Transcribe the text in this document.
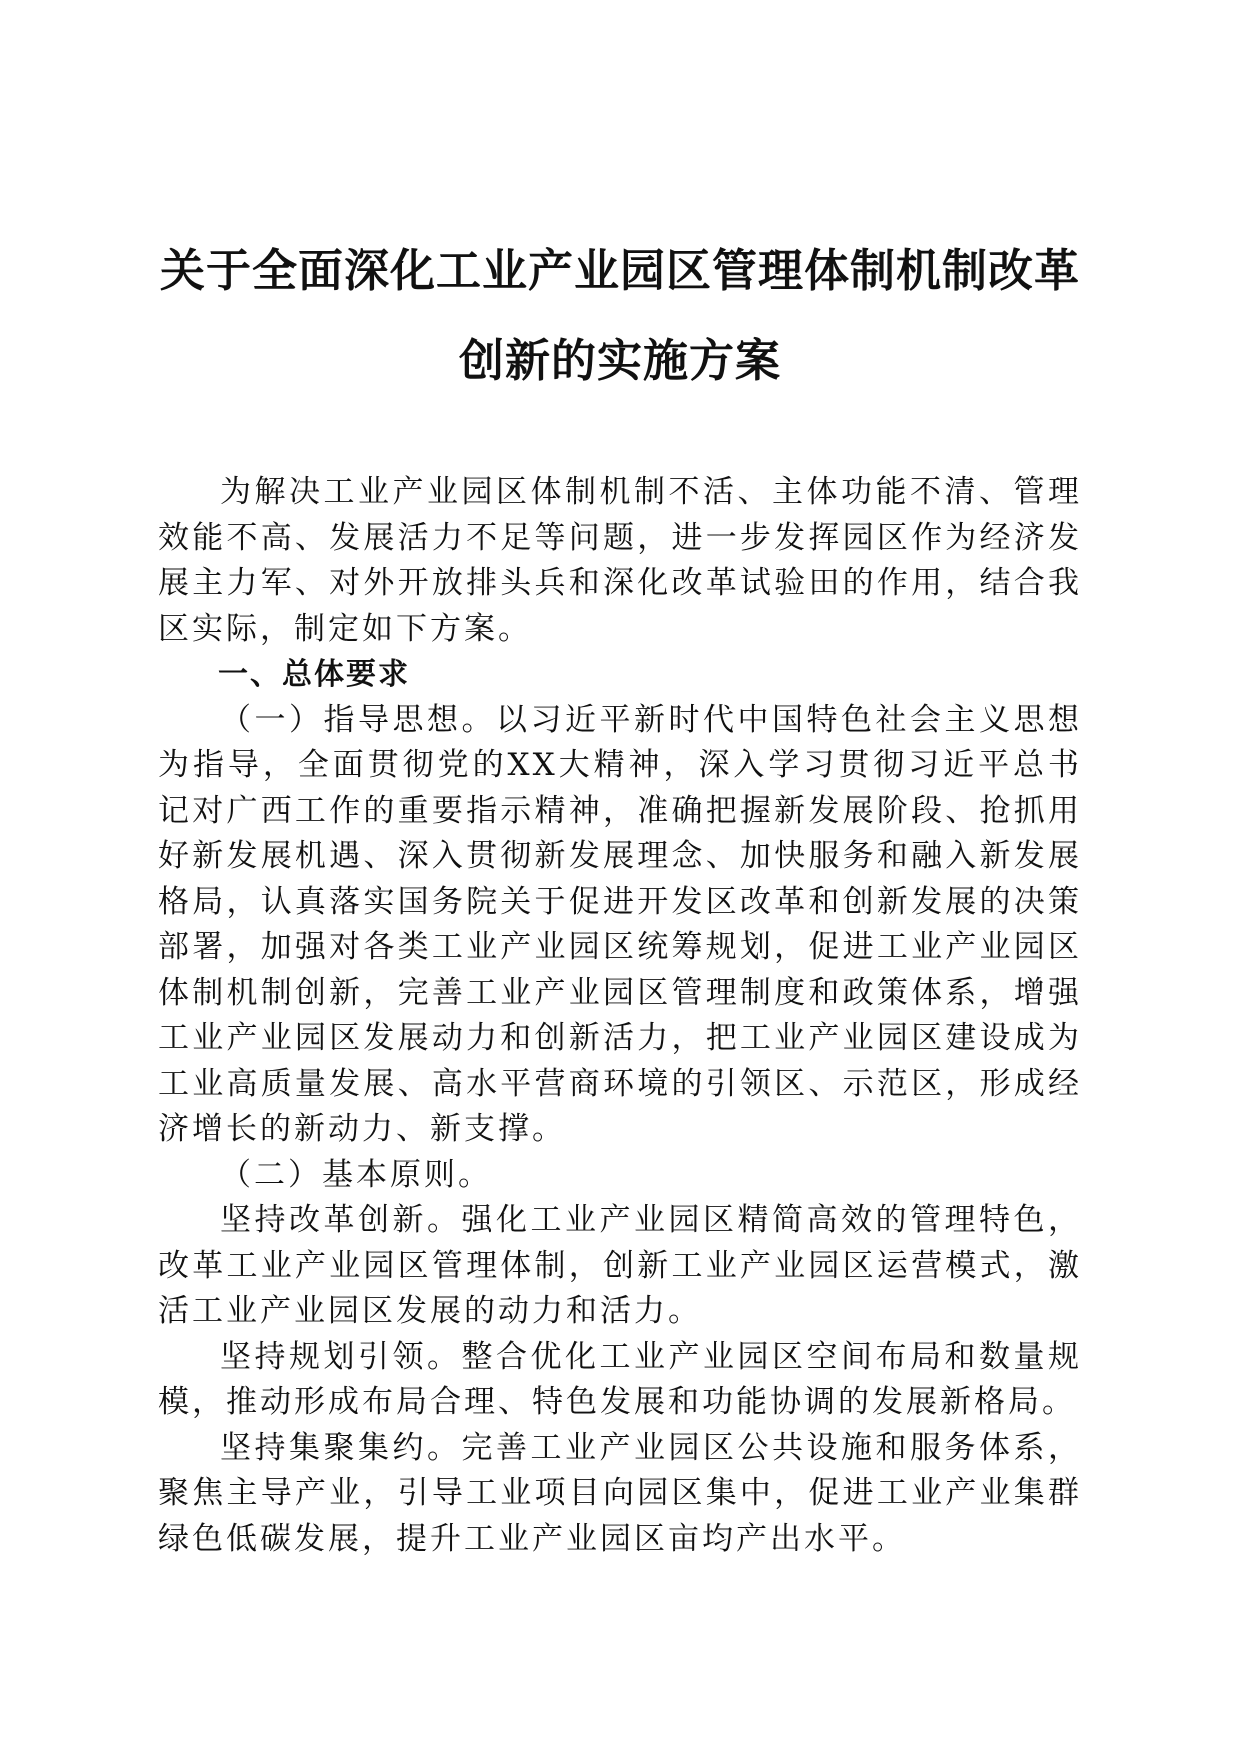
关于全面深化工业产业园区管理体制机制改革
创新的实施方案

为解决工业产业园区体制机制不活、主体功能不清、管理效能不高、发展活力不足等问题，进一步发挥园区作为经济发展主力军、对外开放排头兵和深化改革试验田的作用，结合我区实际，制定如下方案。

一、总体要求

（一）指导思想。以习近平新时代中国特色社会主义思想为指导，全面贯彻党的XX大精神，深入学习贯彻习近平总书记对广西工作的重要指示精神，准确把握新发展阶段、抢抓用好新发展机遇、深入贯彻新发展理念、加快服务和融入新发展格局，认真落实国务院关于促进开发区改革和创新发展的决策部署，加强对各类工业产业园区统筹规划，促进工业产业园区体制机制创新，完善工业产业园区管理制度和政策体系，增强工业产业园区发展动力和创新活力，把工业产业园区建设成为工业高质量发展、高水平营商环境的引领区、示范区，形成经济增长的新动力、新支撑。

（二）基本原则。

坚持改革创新。强化工业产业园区精简高效的管理特色，改革工业产业园区管理体制，创新工业产业园区运营模式，激活工业产业园区发展的动力和活力。

坚持规划引领。整合优化工业产业园区空间布局和数量规模，推动形成布局合理、特色发展和功能协调的发展新格局。

坚持集聚集约。完善工业产业园区公共设施和服务体系，聚焦主导产业，引导工业项目向园区集中，促进工业产业集群绿色低碳发展，提升工业产业园区亩均产出水平。
